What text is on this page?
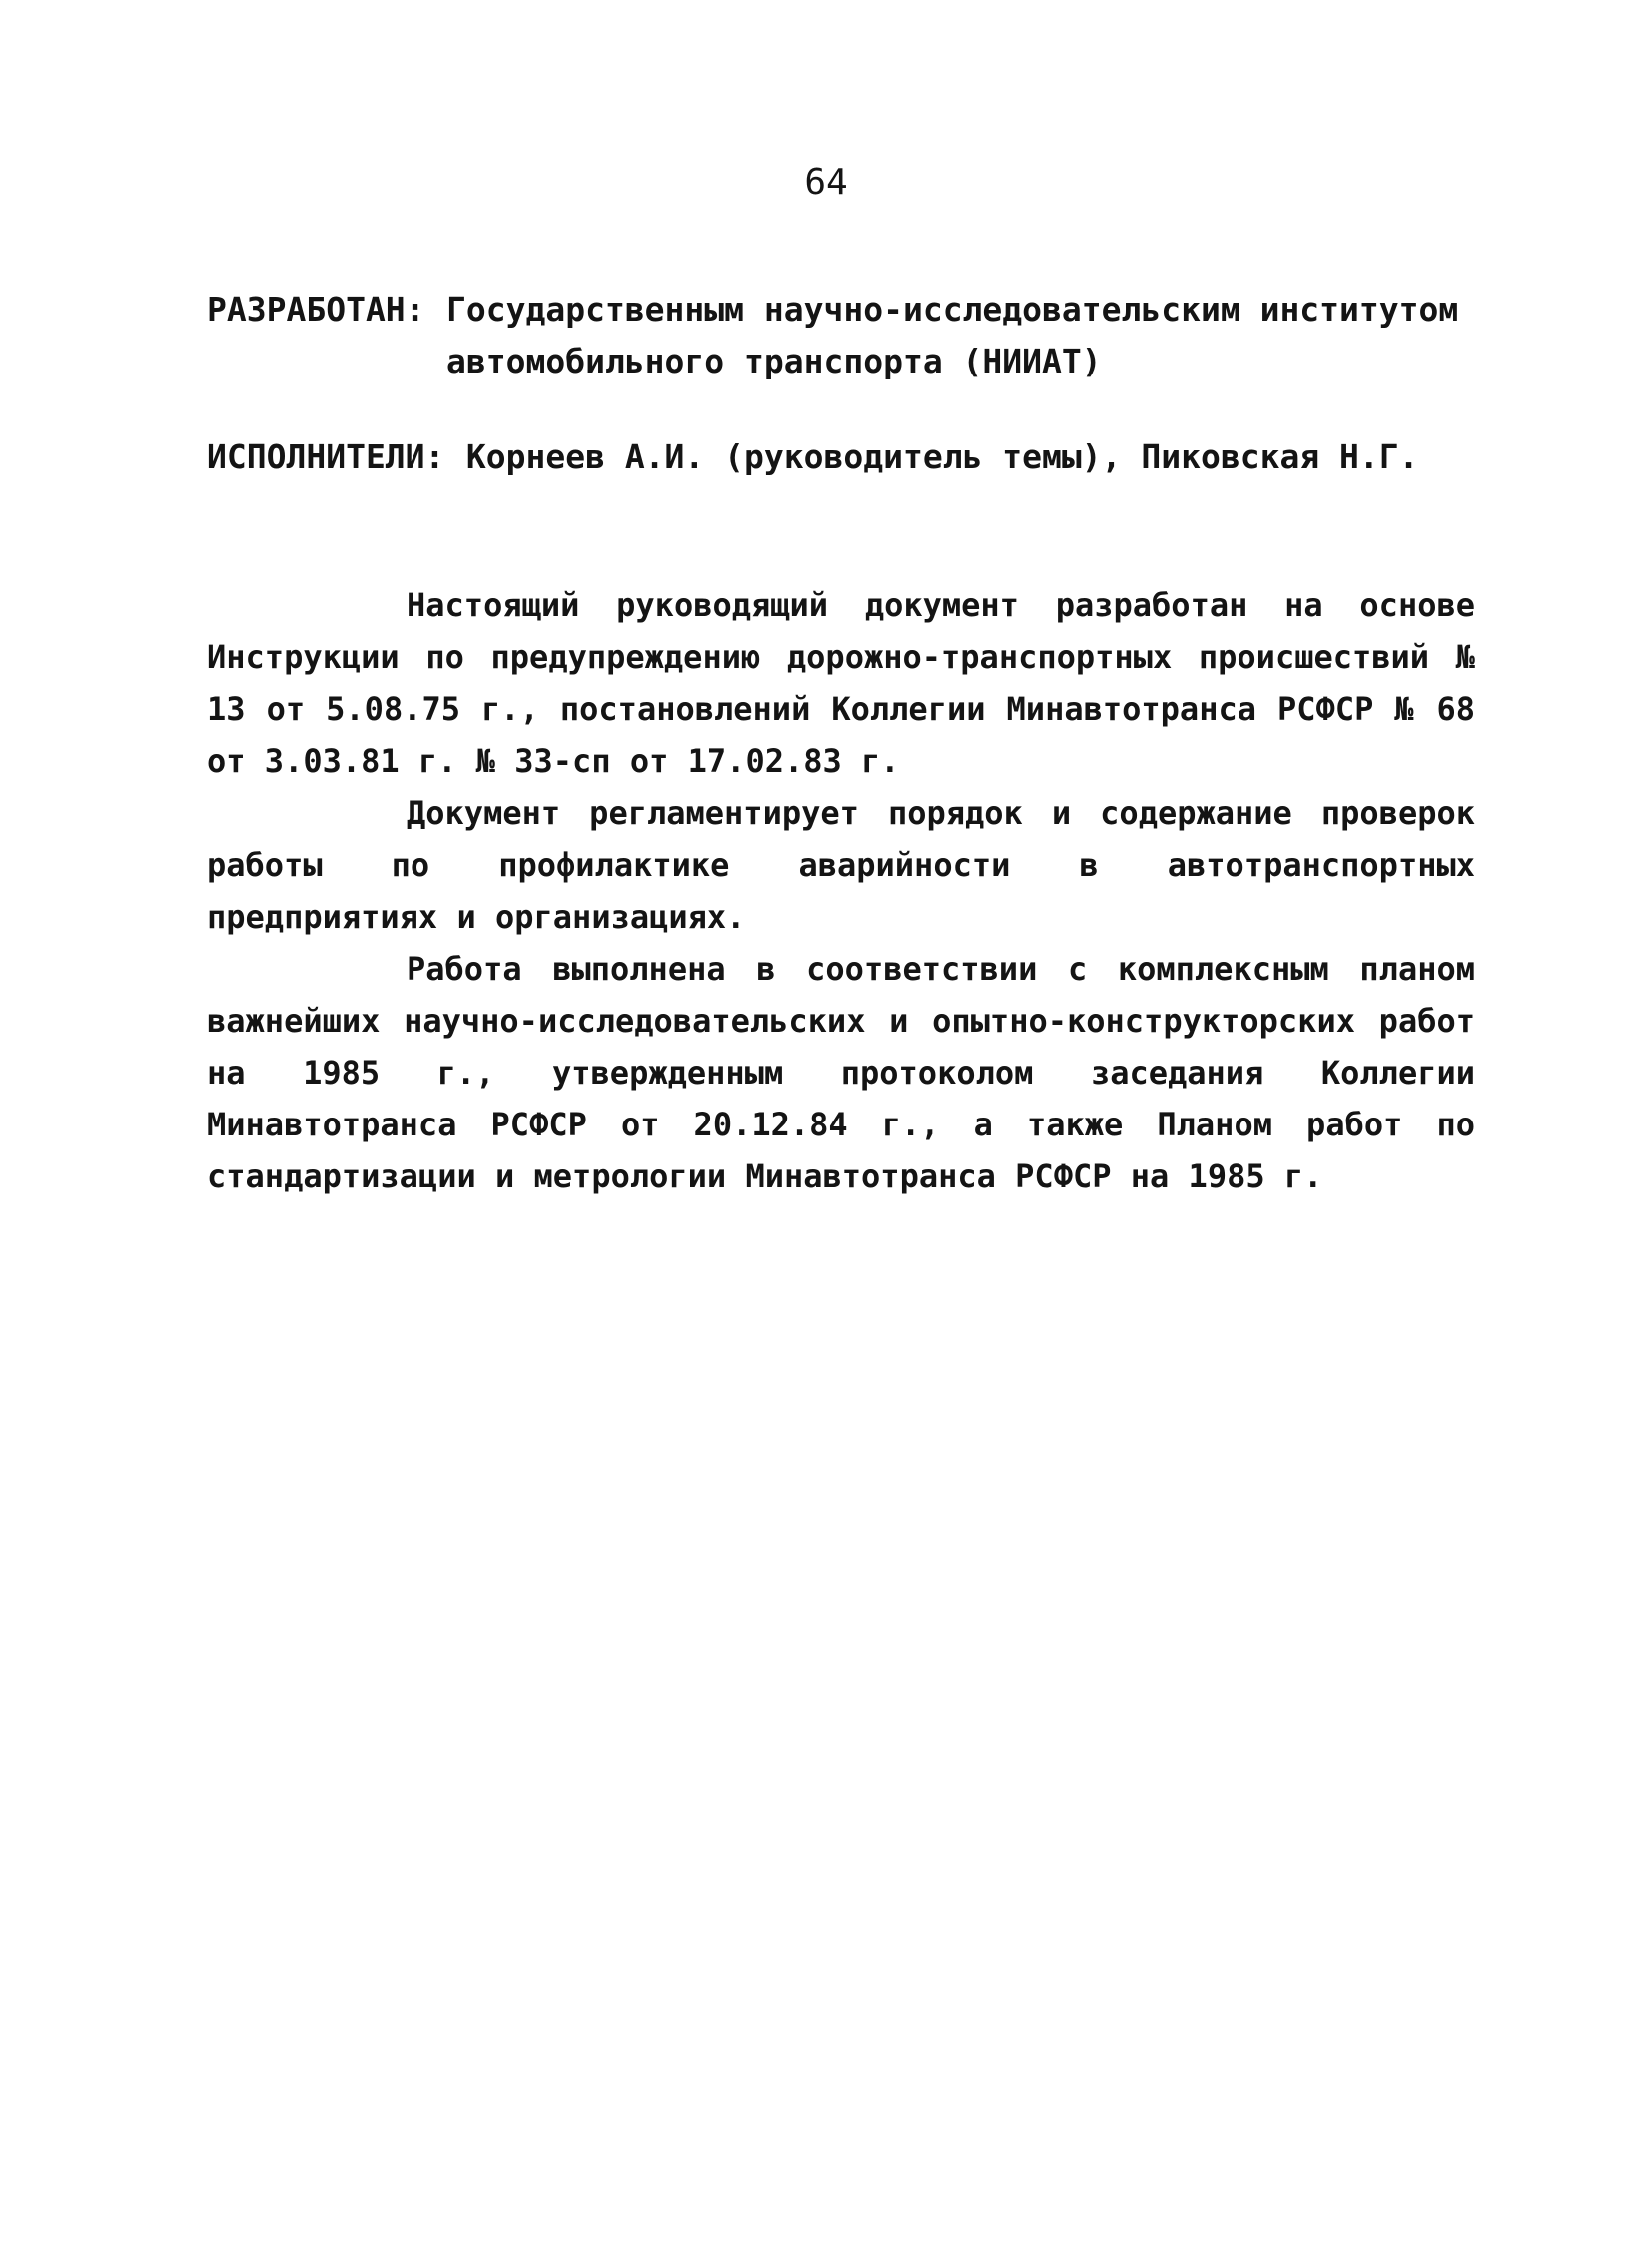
64
РАЗРАБОТАН: Государственным научно-исследовательским институтом автомобильного транспорта (НИИАТ)
ИСПОЛНИТЕЛИ: Корнеев А.И. (руководитель темы), Пиковская Н.Г.

Настоящий руководящий документ разработан на основе Инструкции по предупреждению дорожно-транспортных происшествий № 13 от 5.08.75 г., постановлений Коллегии Минавтотранса РСФСР № 68 от 3.03.81 г. № 33-сп от 17.02.83 г.

Документ регламентирует порядок и содержание проверок работы по профилактике аварийности в автотранспортных предприятиях и организациях.

Работа выполнена в соответствии с комплексным планом важнейших научно-исследовательских и опытно-конструкторских работ на 1985 г., утвержденным протоколом заседания Коллегии Минавтотранса РСФСР от 20.12.84 г., а также Планом работ по стандартизации и метрологии Минавтотранса РСФСР на 1985 г.
